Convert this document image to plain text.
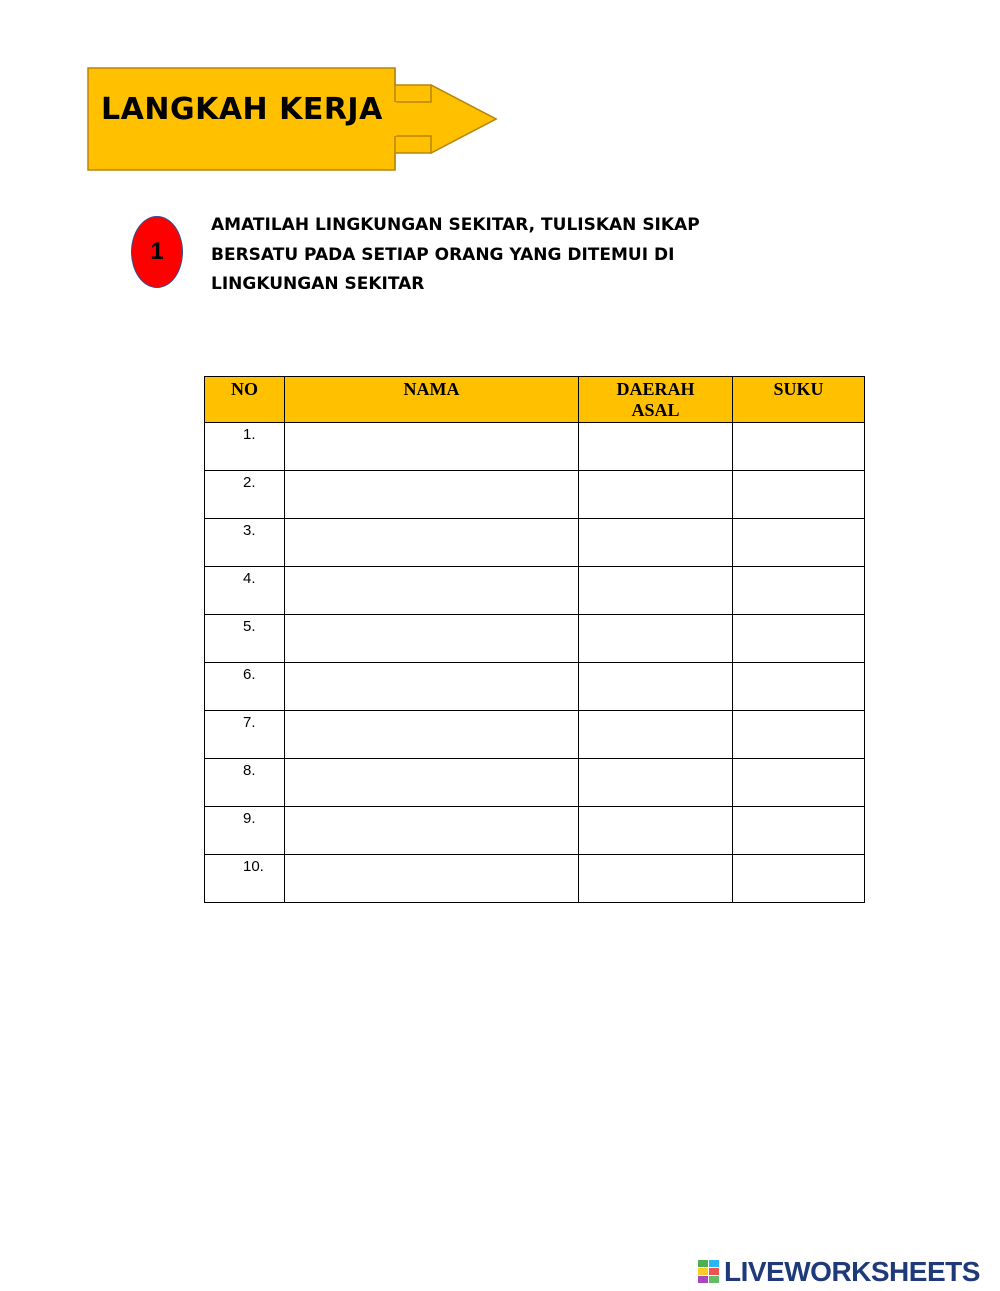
LANGKAH KERJA
1
AMATILAH LINGKUNGAN SEKITAR, TULISKAN SIKAP
BERSATU PADA SETIAP ORANG YANG DITEMUI DI
LINGKUNGAN SEKITAR
NO	NAMA	DAERAH ASAL	SUKU
1.			
2.			
3.			
4.			
5.			
6.			
7.			
8.			
9.			
10.			
LIVEWORKSHEETS
